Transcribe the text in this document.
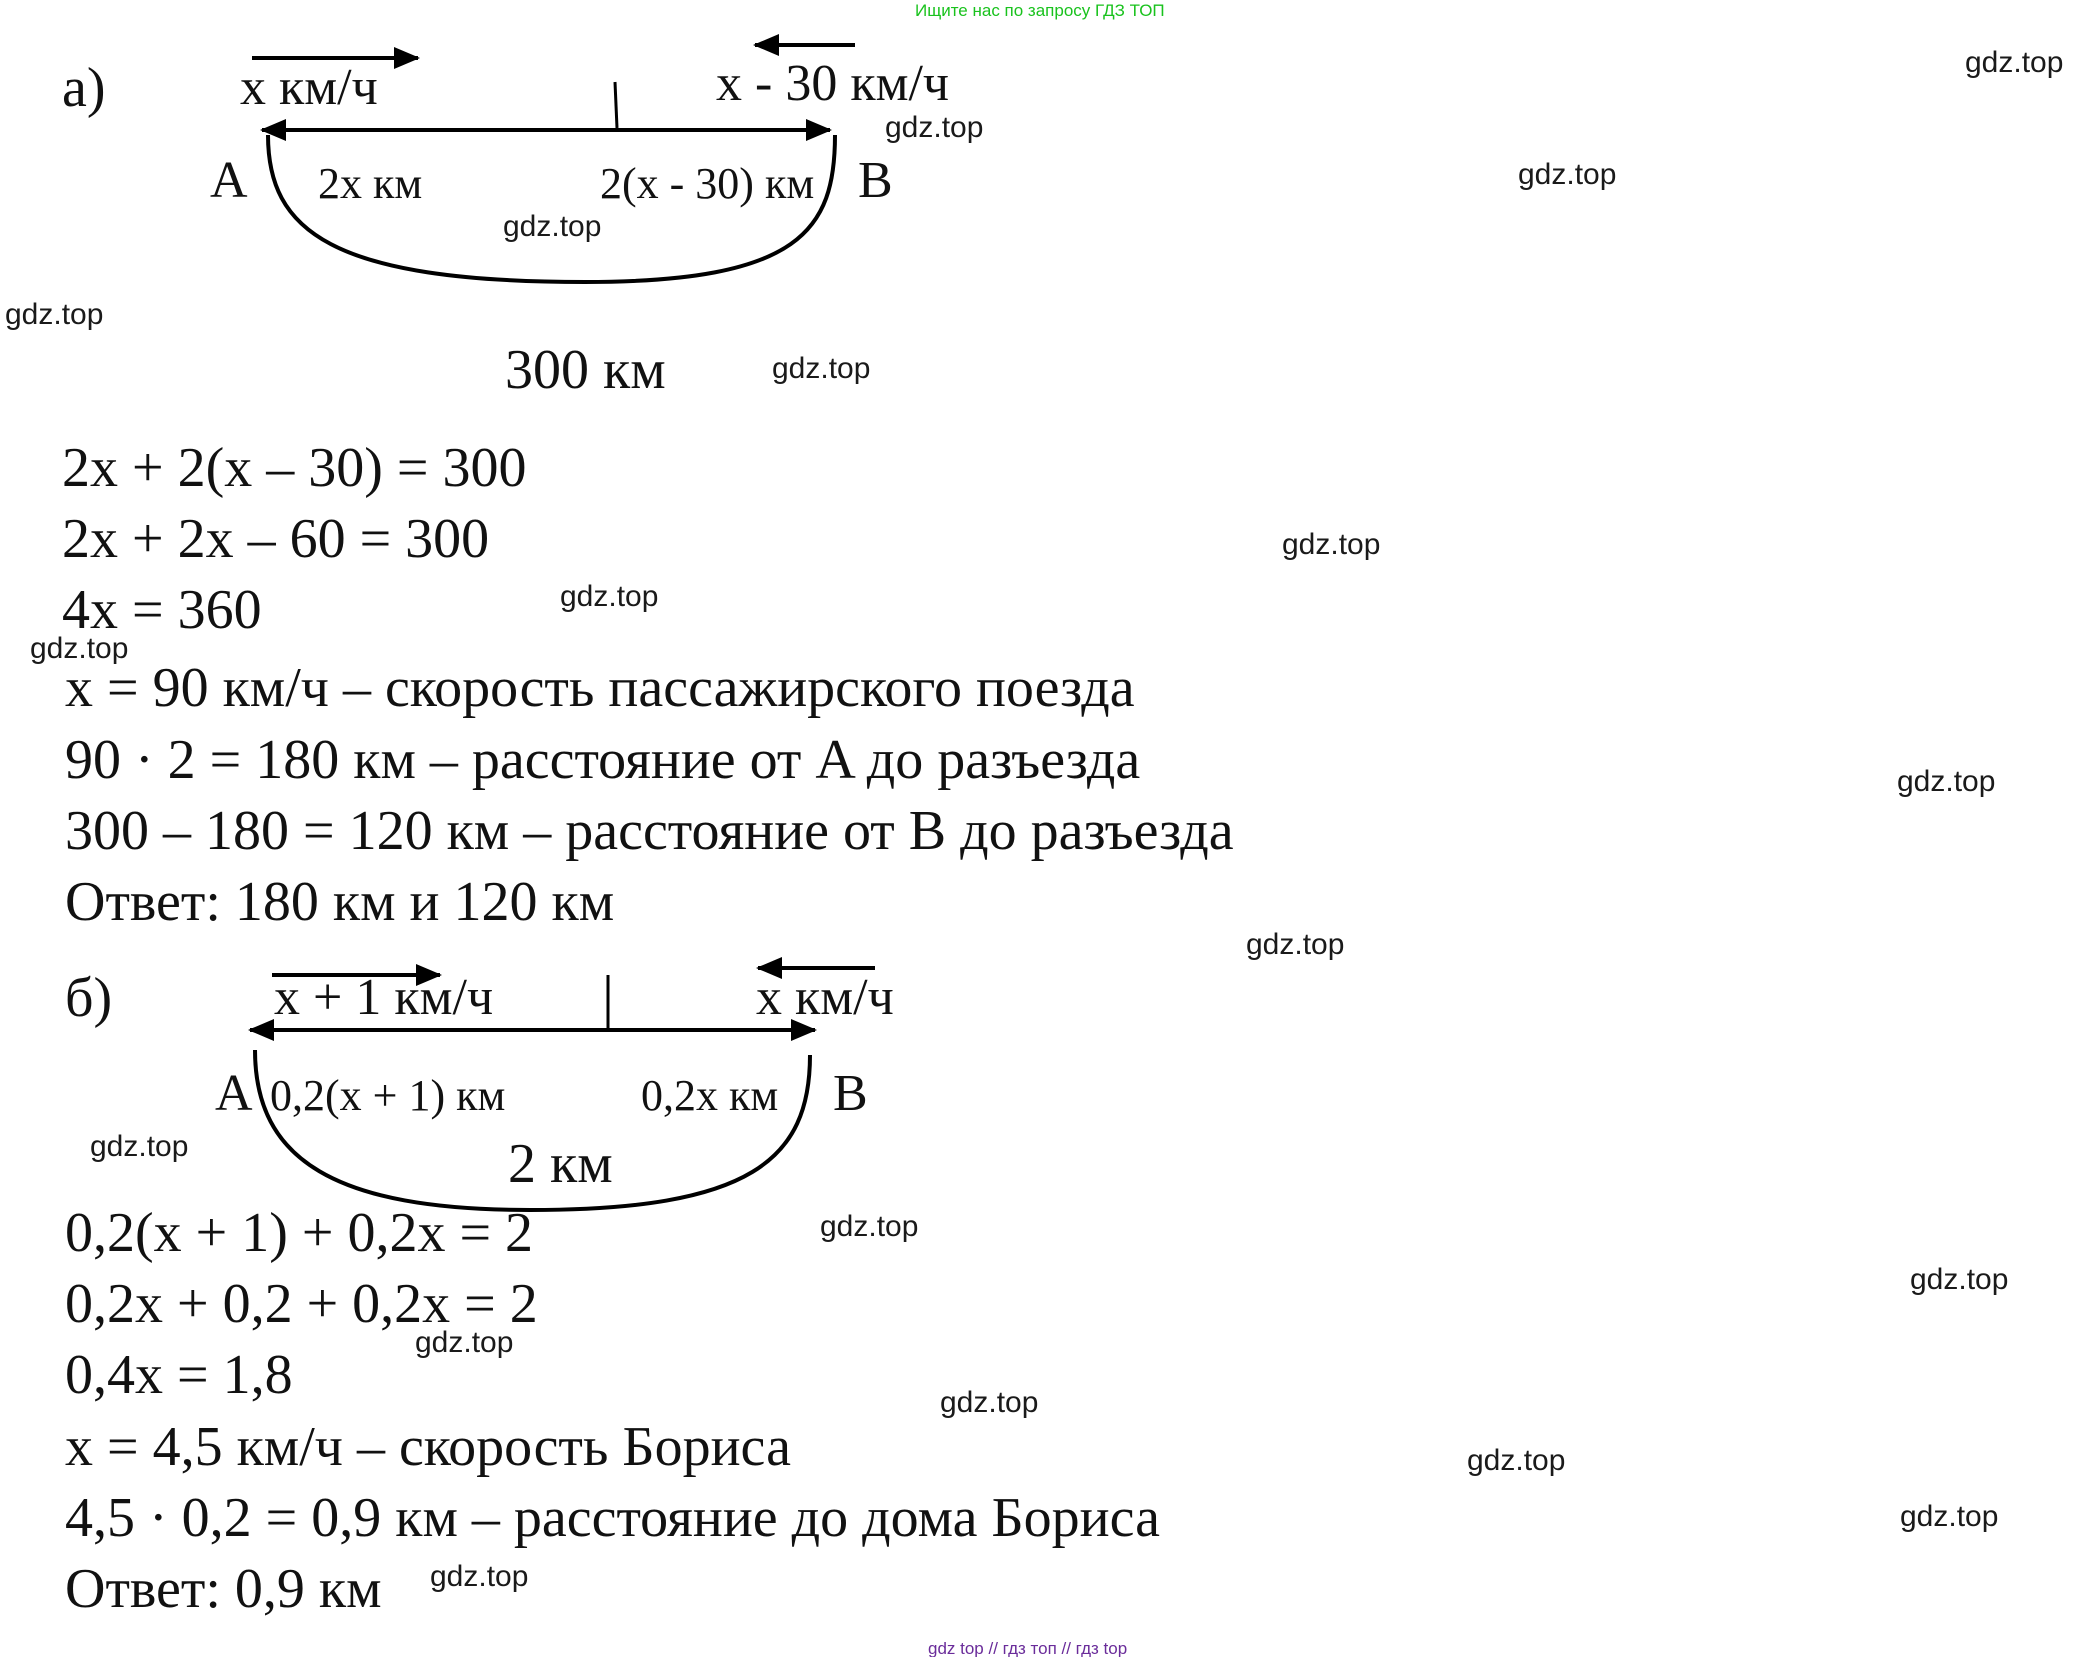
Ищите нас по запросу ГДЗ ТОП
а)	x км/ч	x - 30 км/ч
A	B
2x км	2(x - 30) км
300 км
2x + 2(x – 30) = 300
2x + 2x – 60 = 300
4x = 360
x = 90 км/ч – скорость пассажирского поезда
90 · 2 = 180 км – расстояние от A до разъезда
300 – 180 = 120 км – расстояние от B до разъезда
Ответ: 180 км и 120 км
б)	x + 1 км/ч	x км/ч
A	B
0,2(x + 1) км	0,2x км
2 км
0,2(x + 1) + 0,2x = 2
0,2x + 0,2 + 0,2x = 2
0,4x = 1,8
x = 4,5 км/ч – скорость Бориса
4,5 · 0,2 = 0,9 км – расстояние до дома Бориса
Ответ: 0,9 км
gdz.top
gdz.top
gdz.top
gdz.top
gdz.top
gdz.top
gdz.top
gdz.top
gdz.top
gdz.top
gdz.top
gdz.top
gdz.top
gdz.top
gdz.top
gdz.top
gdz.top
gdz.top
gdz.top
gdz top // гдз топ // гдз top
